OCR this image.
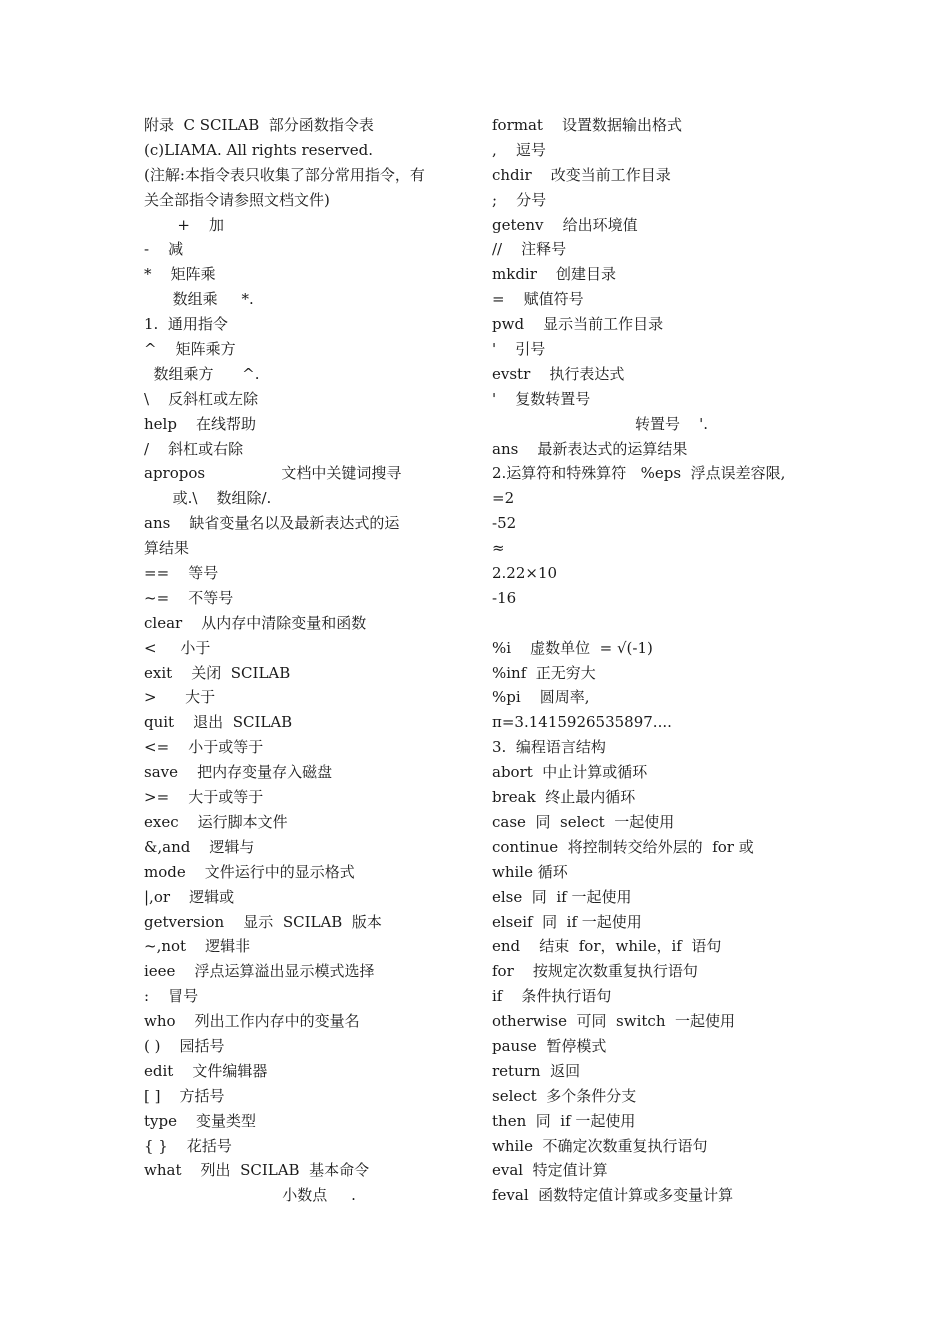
附录  C SCILAB  部分函数指令表
(c)LIAMA. All rights reserved.
(注解:本指令表只收集了部分常用指令，有
关全部指令请参照文档文件)
+    加
-    减
*    矩阵乘
数组乘     *.
1.  通用指令
^    矩阵乘方
数组乘方      ^.
\    反斜杠或左除
help    在线帮助
/    斜杠或右除
apropos                文档中关键词搜寻
或.\    数组除/.
ans    缺省变量名以及最新表达式的运
算结果
==    等号
~=    不等号
clear    从内存中清除变量和函数
<     小于
exit    关闭  SCILAB
>      大于
quit    退出  SCILAB
<=    小于或等于
save    把内存变量存入磁盘
>=    大于或等于
exec    运行脚本文件
&,and    逻辑与
mode    文件运行中的显示格式
|,or    逻辑或
getversion    显示  SCILAB  版本
~,not    逻辑非
ieee    浮点运算溢出显示模式选择
:    冒号
who    列出工作内存中的变量名
( )    园括号
edit    文件编辑器
[ ]    方括号
type    变量类型
{ }    花括号
what    列出  SCILAB  基本命令
小数点     .
format    设置数据输出格式
,    逗号
chdir    改变当前工作目录
;    分号
getenv    给出环境值
//    注释号
mkdir    创建目录
=    赋值符号
pwd    显示当前工作目录
'    引号
evstr    执行表达式
'    复数转置号
转置号    '.
ans    最新表达式的运算结果
2.运算符和特殊算符   %eps  浮点误差容限,
=2
-52
≈
2.22×10
-16
%i    虚数单位  = √(-1)
%inf  正无穷大
%pi    圆周率,
π=3.1415926535897....
3.  编程语言结构
abort  中止计算或循环
break  终止最内循环
case  同  select  一起使用
continue  将控制转交给外层的  for 或
while 循环
else  同  if 一起使用
elseif  同  if 一起使用
end    结束  for，while，if  语句
for    按规定次数重复执行语句
if    条件执行语句
otherwise  可同  switch  一起使用
pause  暂停模式
return  返回
select  多个条件分支
then  同  if 一起使用
while  不确定次数重复执行语句
eval  特定值计算
feval  函数特定值计算或多变量计算
